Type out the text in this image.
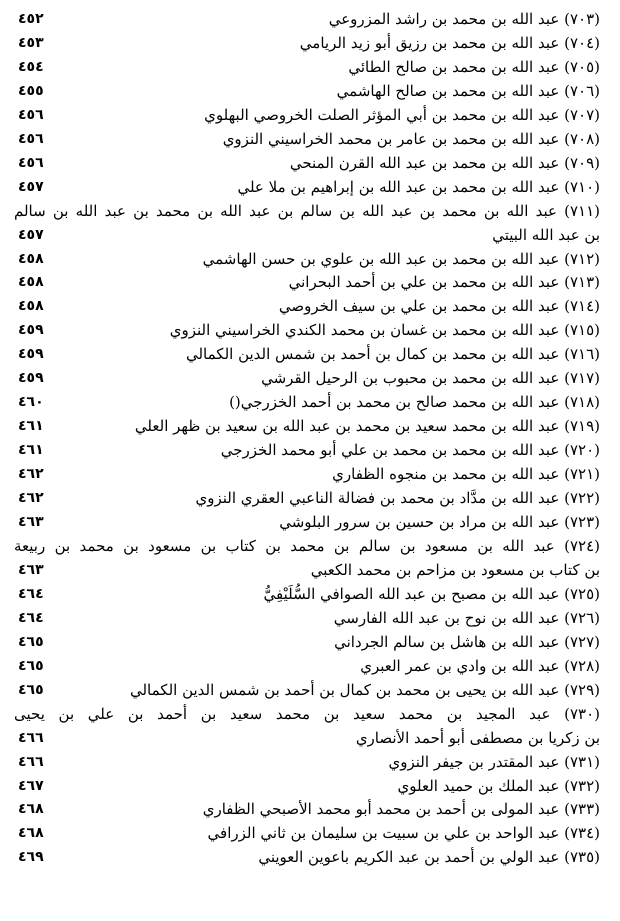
(٧٠٣) عبد الله بن محمد بن راشد المزروعي
٤٥٢
(٧٠٤) عبد الله بن محمد بن رزيق أبو زيد الريامي
٤٥٣
(٧٠٥) عبد الله بن محمد بن صالح الطائي
٤٥٤
(٧٠٦) عبد الله بن محمد بن صالح الهاشمي
٤٥٥
(٧٠٧) عبد الله بن محمد بن أبي المؤثر الصلت الخروصي البهلوي
٤٥٦
(٧٠٨) عبد الله بن محمد بن عامر بن محمد الخراسيني النزوي
٤٥٦
(٧٠٩) عبد الله بن محمد بن عبد الله القرن المنحي
٤٥٦
(٧١٠) عبد الله بن محمد بن عبد الله بن إبراهيم بن ملا علي
٤٥٧
(٧١١) عبد الله بن محمد بن عبد الله بن سالم بن عبد الله بن محمد بن عبد الله بن سالم
بن عبد الله البيتي
٤٥٧
(٧١٢) عبد الله بن محمد بن عبد الله بن علوي بن حسن الهاشمي
٤٥٨
(٧١٣) عبد الله بن محمد بن علي بن أحمد البحراني
٤٥٨
(٧١٤) عبد الله بن محمد بن علي بن سيف الخروصي
٤٥٨
(٧١٥) عبد الله بن محمد بن غسان بن محمد الكندي الخراسيني النزوي
٤٥٩
(٧١٦) عبد الله بن محمد بن كمال بن أحمد بن شمس الدين الكمالي
٤٥٩
(٧١٧) عبد الله بن محمد بن محبوب بن الرحيل القرشي
٤٥٩
(٧١٨) عبد الله بن محمد صالح بن محمد بن أحمد الخزرجي()
٤٦٠
(٧١٩) عبد الله بن محمد سعيد بن محمد بن عبد الله بن سعيد بن ظهر العلي
٤٦١
(٧٢٠) عبد الله بن محمد بن محمد بن علي أبو محمد الخزرجي
٤٦١
(٧٢١) عبد الله بن محمد بن منجوه الظفاري
٤٦٢
(٧٢٢) عبد الله بن مدَّاد بن محمد بن فضالة الناعبي العقري النزوي
٤٦٢
(٧٢٣) عبد الله بن مراد بن حسين بن سرور البلوشي
٤٦٣
(٧٢٤) عبد الله بن مسعود بن سالم بن محمد بن كتاب بن مسعود بن محمد بن ربيعة
بن كتاب بن مسعود بن مزاحم بن محمد الكعبي
٤٦٣
(٧٢٥) عبد الله بن مصبح بن عبد الله الصوافي السُّلَيْفِيُّ
٤٦٤
(٧٢٦) عبد الله بن نوح بن عبد الله الفارسي
٤٦٤
(٧٢٧) عبد الله بن هاشل بن سالم الجرداني
٤٦٥
(٧٢٨) عبد الله بن وادي بن عمر العبري
٤٦٥
(٧٢٩) عبد الله بن يحيى بن محمد بن كمال بن أحمد بن شمس الدين الكمالي
٤٦٥
(٧٣٠) عبد المجيد بن محمد سعيد بن محمد سعيد بن أحمد بن علي بن يحيى
بن زكريا بن مصطفى أبو أحمد الأنصاري
٤٦٦
(٧٣١) عبد المقتدر بن جيفر النزوي
٤٦٦
(٧٣٢) عبد الملك بن حميد العلوي
٤٦٧
(٧٣٣) عبد المولى بن أحمد بن محمد أبو محمد الأصبحي الظفاري
٤٦٨
(٧٣٤) عبد الواحد بن علي بن سبيت بن سليمان بن ثاني الزرافي
٤٦٨
(٧٣٥) عبد الولي بن أحمد بن عبد الكريم باعوين العويني
٤٦٩
